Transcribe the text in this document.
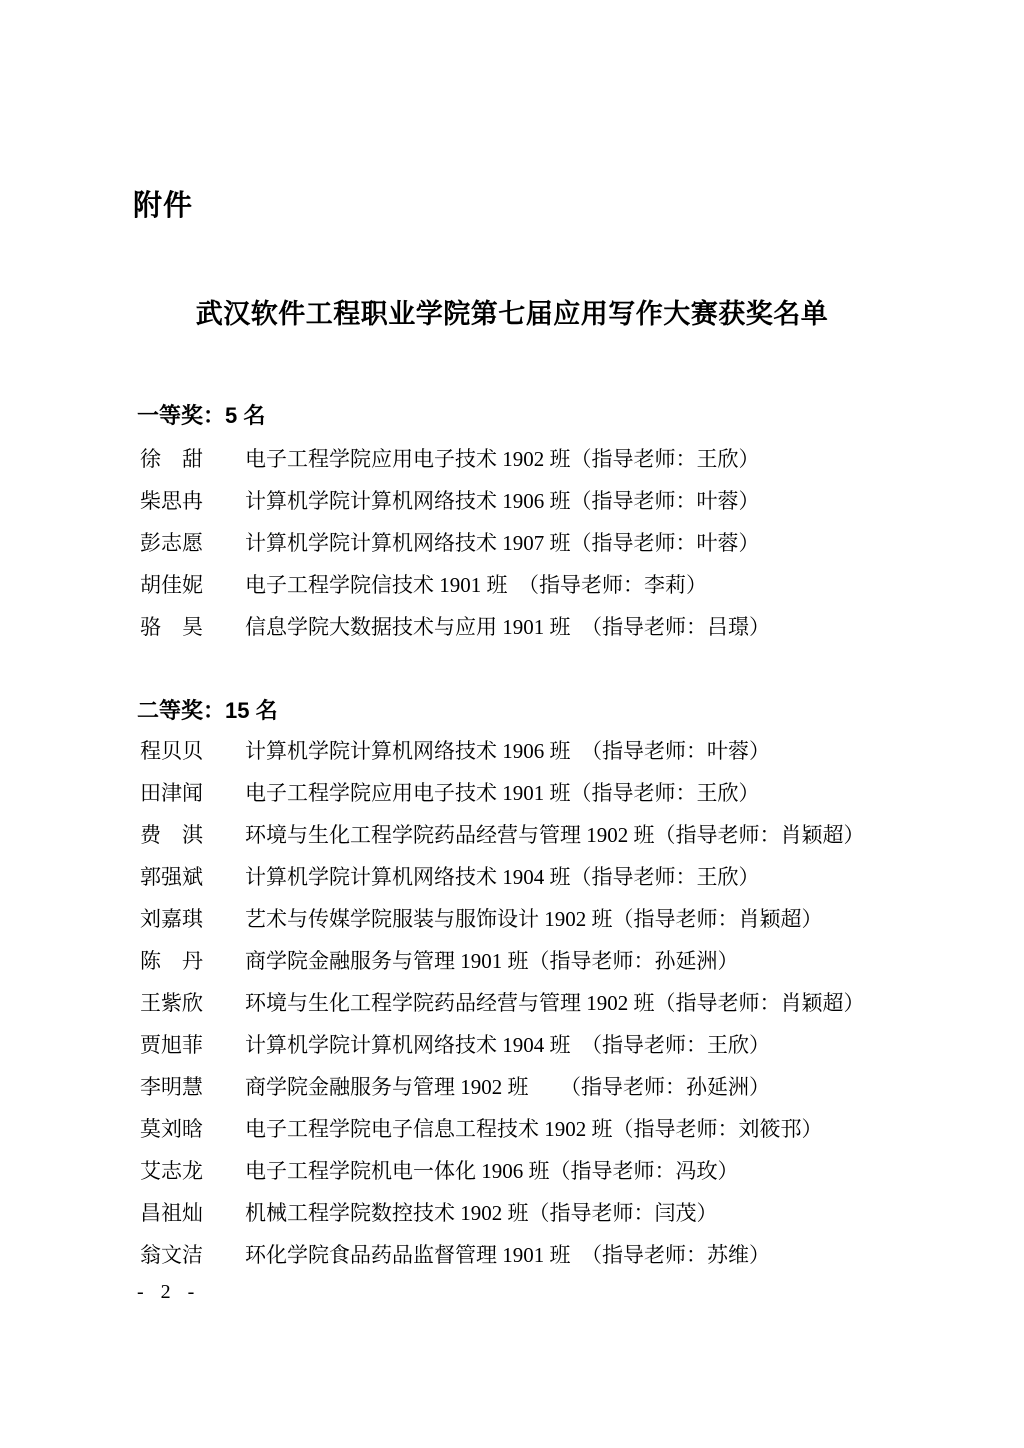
附件
武汉软件工程职业学院第七届应用写作大赛获奖名单
一等奖：5 名
徐　甜	电子工程学院应用电子技术 1902 班（指导老师：王欣）
柴思冉	计算机学院计算机网络技术 1906 班（指导老师：叶蓉）
彭志愿	计算机学院计算机网络技术 1907 班（指导老师：叶蓉）
胡佳妮	电子工程学院信技术 1901 班　（指导老师：李莉）
骆　昊	信息学院大数据技术与应用 1901 班　（指导老师：吕璟）
二等奖：15 名
程贝贝	计算机学院计算机网络技术 1906 班　（指导老师：叶蓉）
田津闻	电子工程学院应用电子技术 1901 班（指导老师：王欣）
费　淇	环境与生化工程学院药品经营与管理 1902 班（指导老师：肖颖超）
郭强斌	计算机学院计算机网络技术 1904 班（指导老师：王欣）
刘嘉琪	艺术与传媒学院服装与服饰设计 1902 班（指导老师：肖颖超）
陈　丹	商学院金融服务与管理 1901 班（指导老师：孙延洲）
王紫欣	环境与生化工程学院药品经营与管理 1902 班（指导老师：肖颖超）
贾旭菲	计算机学院计算机网络技术 1904 班　（指导老师：王欣）
李明慧	商学院金融服务与管理 1902 班　　（指导老师：孙延洲）
莫刘晗	电子工程学院电子信息工程技术 1902 班（指导老师：刘筱邘）
艾志龙	电子工程学院机电一体化 1906 班（指导老师：冯玫）
昌祖灿	机械工程学院数控技术 1902 班（指导老师：闫茂）
翁文洁	环化学院食品药品监督管理 1901 班　（指导老师：苏维）
- 2 -
